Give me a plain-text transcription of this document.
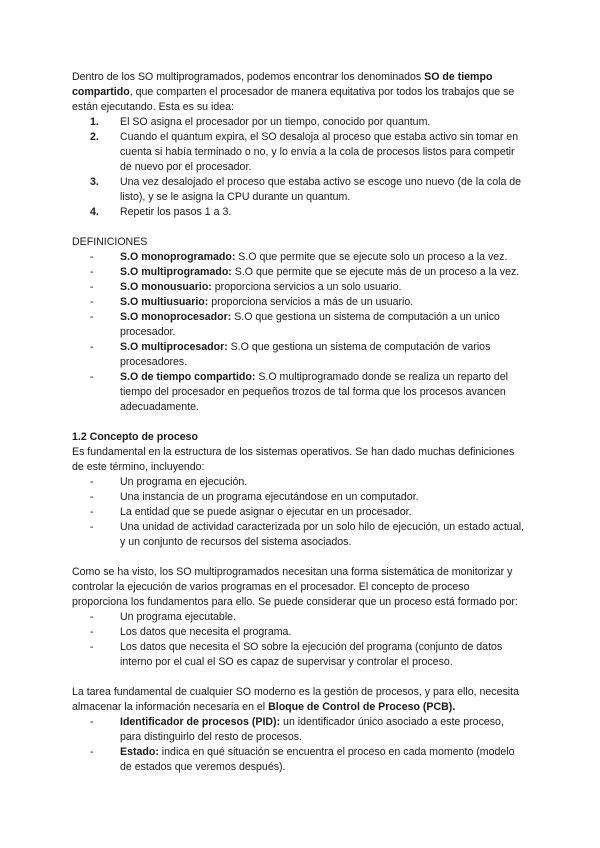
Dentro de los SO multiprogramados, podemos encontrar los denominados SO de tiempo compartido, que comparten el procesador de manera equitativa por todos los trabajos que se están ejecutando. Esta es su idea:

1.	El SO asigna el procesador por un tiempo, conocido por quantum.
2.	Cuando el quantum expira, el SO desaloja al proceso que estaba activo sin tomar en cuenta si había terminado o no, y lo envía a la cola de procesos listos para competir de nuevo por el procesador.
3.	Una vez desalojado el proceso que estaba activo se escoge uno nuevo (de la cola de listo), y se le asigna la CPU durante un quantum.
4.	Repetir los pasos 1 a 3.

DEFINICIONES

-	S.O monoprogramado: S.O que permite que se ejecute solo un proceso a la vez.
-	S.O multiprogramado: S.O que permite que se ejecute más de un proceso a la vez.
-	S.O monousuario: proporciona servicios a un solo usuario.
-	S.O multiusuario: proporciona servicios a más de un usuario.
-	S.O monoprocesador: S.O que gestiona un sistema de computación a un unico procesador.
-	S.O multiprocesador: S.O que gestiona un sistema de computación de varios procesadores.
-	S.O de tiempo compartido: S.O multiprogramado donde se realiza un reparto del tiempo del procesador en pequeños trozos de tal forma que los procesos avancen adecuadamente.

1.2 Concepto de proceso

Es fundamental en la estructura de los sistemas operativos. Se han dado muchas definiciones de este término, incluyendo:

-	Un programa en ejecución.
-	Una instancia de un programa ejecutándose en un computador.
-	La entidad que se puede asignar o ejecutar en un procesador.
-	Una unidad de actividad caracterizada por un solo hilo de ejecución, un estado actual, y un conjunto de recursos del sistema asociados.

Como se ha visto, los SO multiprogramados necesitan una forma sistemática de monitorizar y controlar la ejecución de varios programas en el procesador. El concepto de proceso proporciona los fundamentos para ello. Se puede considerar que un proceso está formado por:

-	Un programa ejecutable.
-	Los datos que necesita el programa.
-	Los datos que necesita el SO sobre la ejecución del programa (conjunto de datos interno por el cual el SO es capaz de supervisar y controlar el proceso.

La tarea fundamental de cualquier SO moderno es la gestión de procesos, y para ello, necesita almacenar la información necesaria en el Bloque de Control de Proceso (PCB).

-	Identificador de procesos (PID): un identificador único asociado a este proceso, para distinguirlo del resto de procesos.
-	Estado: indica en qué situación se encuentra el proceso en cada momento (modelo de estados que veremos después).
